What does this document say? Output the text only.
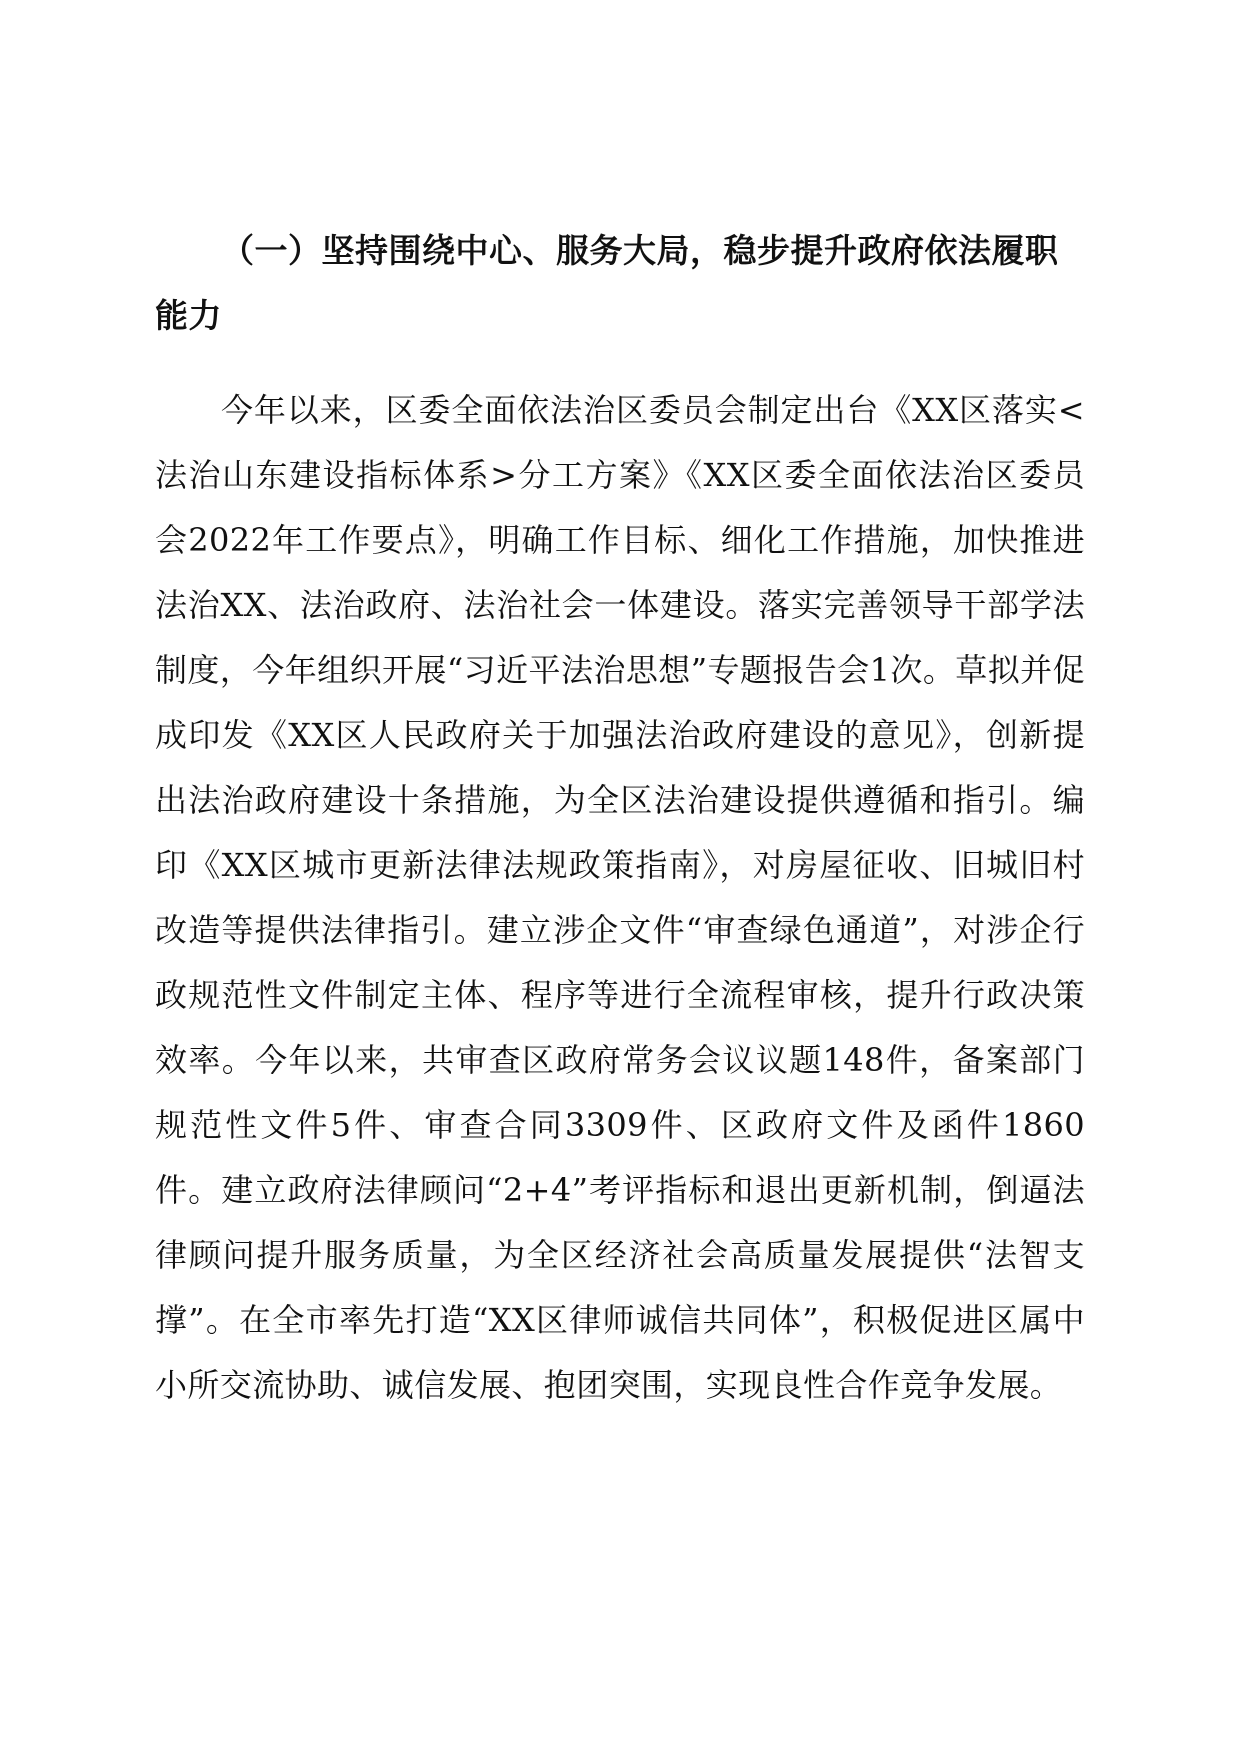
（一）坚持围绕中心、服务大局，稳步提升政府依法履职能力

今年以来，区委全面依法治区委员会制定出台《XX区落实<法治山东建设指标体系>分工方案》《XX区委全面依法治区委员会2022年工作要点》，明确工作目标、细化工作措施，加快推进法治XX、法治政府、法治社会一体建设。落实完善领导干部学法制度，今年组织开展“习近平法治思想”专题报告会1次。草拟并促成印发《XX区人民政府关于加强法治政府建设的意见》，创新提出法治政府建设十条措施，为全区法治建设提供遵循和指引。编印《XX区城市更新法律法规政策指南》，对房屋征收、旧城旧村改造等提供法律指引。建立涉企文件“审查绿色通道”，对涉企行政规范性文件制定主体、程序等进行全流程审核，提升行政决策效率。今年以来，共审查区政府常务会议议题148件，备案部门规范性文件5件、审查合同3309件、区政府文件及函件1860件。建立政府法律顾问“2+4”考评指标和退出更新机制，倒逼法律顾问提升服务质量，为全区经济社会高质量发展提供“法智支撑”。在全市率先打造“XX区律师诚信共同体”，积极促进区属中小所交流协助、诚信发展、抱团突围，实现良性合作竞争发展。
